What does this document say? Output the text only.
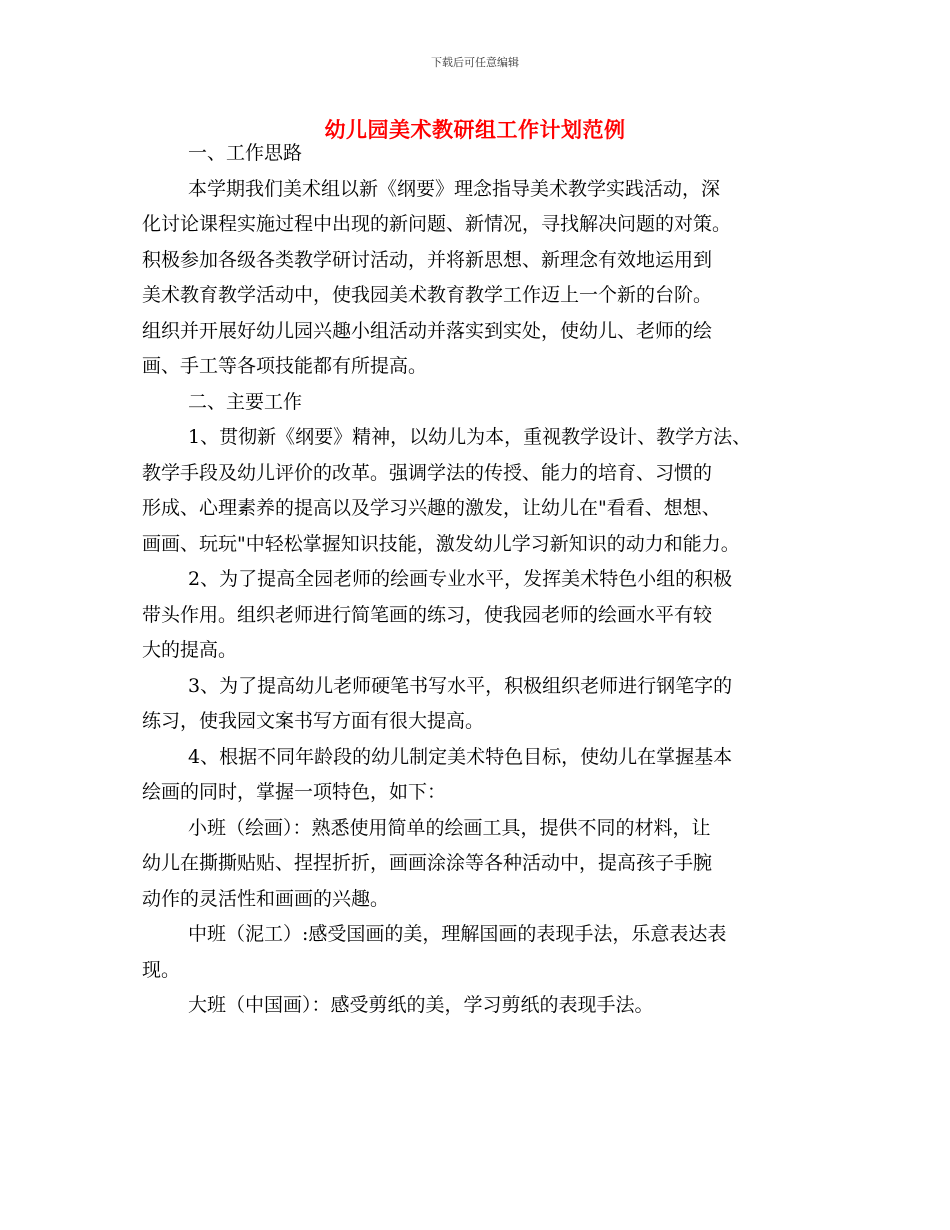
下载后可任意编辑
幼儿园美术教研组工作计划范例

一、工作思路

本学期我们美术组以新《纲要》理念指导美术教学实践活动，深
化讨论课程实施过程中出现的新问题、新情况，寻找解决问题的对策。
积极参加各级各类教学研讨活动，并将新思想、新理念有效地运用到
美术教育教学活动中，使我园美术教育教学工作迈上一个新的台阶。
组织并开展好幼儿园兴趣小组活动并落实到实处，使幼儿、老师的绘
画、手工等各项技能都有所提高。

二、主要工作

1、贯彻新《纲要》精神，以幼儿为本，重视教学设计、教学方法、
教学手段及幼儿评价的改革。强调学法的传授、能力的培育、习惯的
形成、心理素养的提高以及学习兴趣的激发，让幼儿在"看看、想想、
画画、玩玩"中轻松掌握知识技能，激发幼儿学习新知识的动力和能力。

2、为了提高全园老师的绘画专业水平，发挥美术特色小组的积极
带头作用。组织老师进行简笔画的练习，使我园老师的绘画水平有较
大的提高。

3、为了提高幼儿老师硬笔书写水平，积极组织老师进行钢笔字的
练习，使我园文案书写方面有很大提高。

4、根据不同年龄段的幼儿制定美术特色目标，使幼儿在掌握基本
绘画的同时，掌握一项特色，如下：

小班（绘画）：熟悉使用简单的绘画工具，提供不同的材料，让
幼儿在撕撕贴贴、捏捏折折，画画涂涂等各种活动中，提高孩子手腕
动作的灵活性和画画的兴趣。

中班（泥工）:感受国画的美，理解国画的表现手法，乐意表达表
现。

大班（中国画）：感受剪纸的美，学习剪纸的表现手法。
